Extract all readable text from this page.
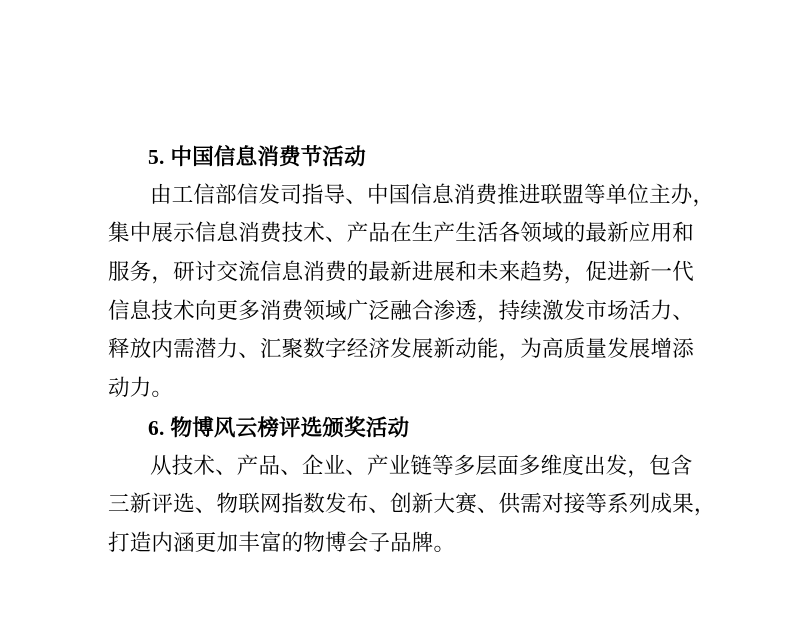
5. 中国信息消费节活动
由工信部信发司指导、中国信息消费推进联盟等单位主办，
集中展示信息消费技术、产品在生产生活各领域的最新应用和
服务，研讨交流信息消费的最新进展和未来趋势，促进新一代
信息技术向更多消费领域广泛融合渗透，持续激发市场活力、
释放内需潜力、汇聚数字经济发展新动能，为高质量发展增添
动力。
6. 物博风云榜评选颁奖活动
从技术、产品、企业、产业链等多层面多维度出发，包含
三新评选、物联网指数发布、创新大赛、供需对接等系列成果，
打造内涵更加丰富的物博会子品牌。
